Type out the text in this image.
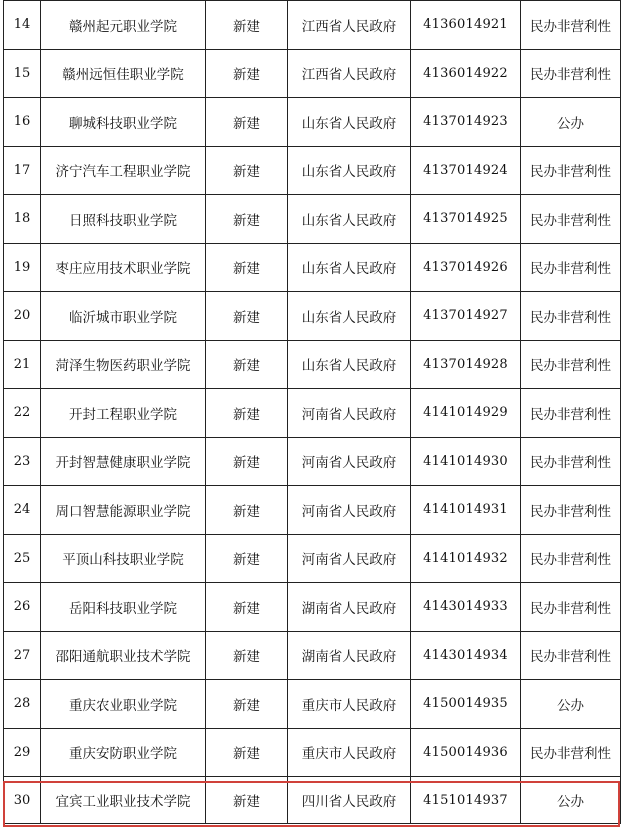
14	赣州起元职业学院	新建	江西省人民政府	4136014921	民办非营利性
15	赣州远恒佳职业学院	新建	江西省人民政府	4136014922	民办非营利性
16	聊城科技职业学院	新建	山东省人民政府	4137014923	公办
17	济宁汽车工程职业学院	新建	山东省人民政府	4137014924	民办非营利性
18	日照科技职业学院	新建	山东省人民政府	4137014925	民办非营利性
19	枣庄应用技术职业学院	新建	山东省人民政府	4137014926	民办非营利性
20	临沂城市职业学院	新建	山东省人民政府	4137014927	民办非营利性
21	菏泽生物医药职业学院	新建	山东省人民政府	4137014928	民办非营利性
22	开封工程职业学院	新建	河南省人民政府	4141014929	民办非营利性
23	开封智慧健康职业学院	新建	河南省人民政府	4141014930	民办非营利性
24	周口智慧能源职业学院	新建	河南省人民政府	4141014931	民办非营利性
25	平顶山科技职业学院	新建	河南省人民政府	4141014932	民办非营利性
26	岳阳科技职业学院	新建	湖南省人民政府	4143014933	民办非营利性
27	邵阳通航职业技术学院	新建	湖南省人民政府	4143014934	民办非营利性
28	重庆农业职业学院	新建	重庆市人民政府	4150014935	公办
29	重庆安防职业学院	新建	重庆市人民政府	4150014936	民办非营利性
30	宜宾工业职业技术学院	新建	四川省人民政府	4151014937	公办
